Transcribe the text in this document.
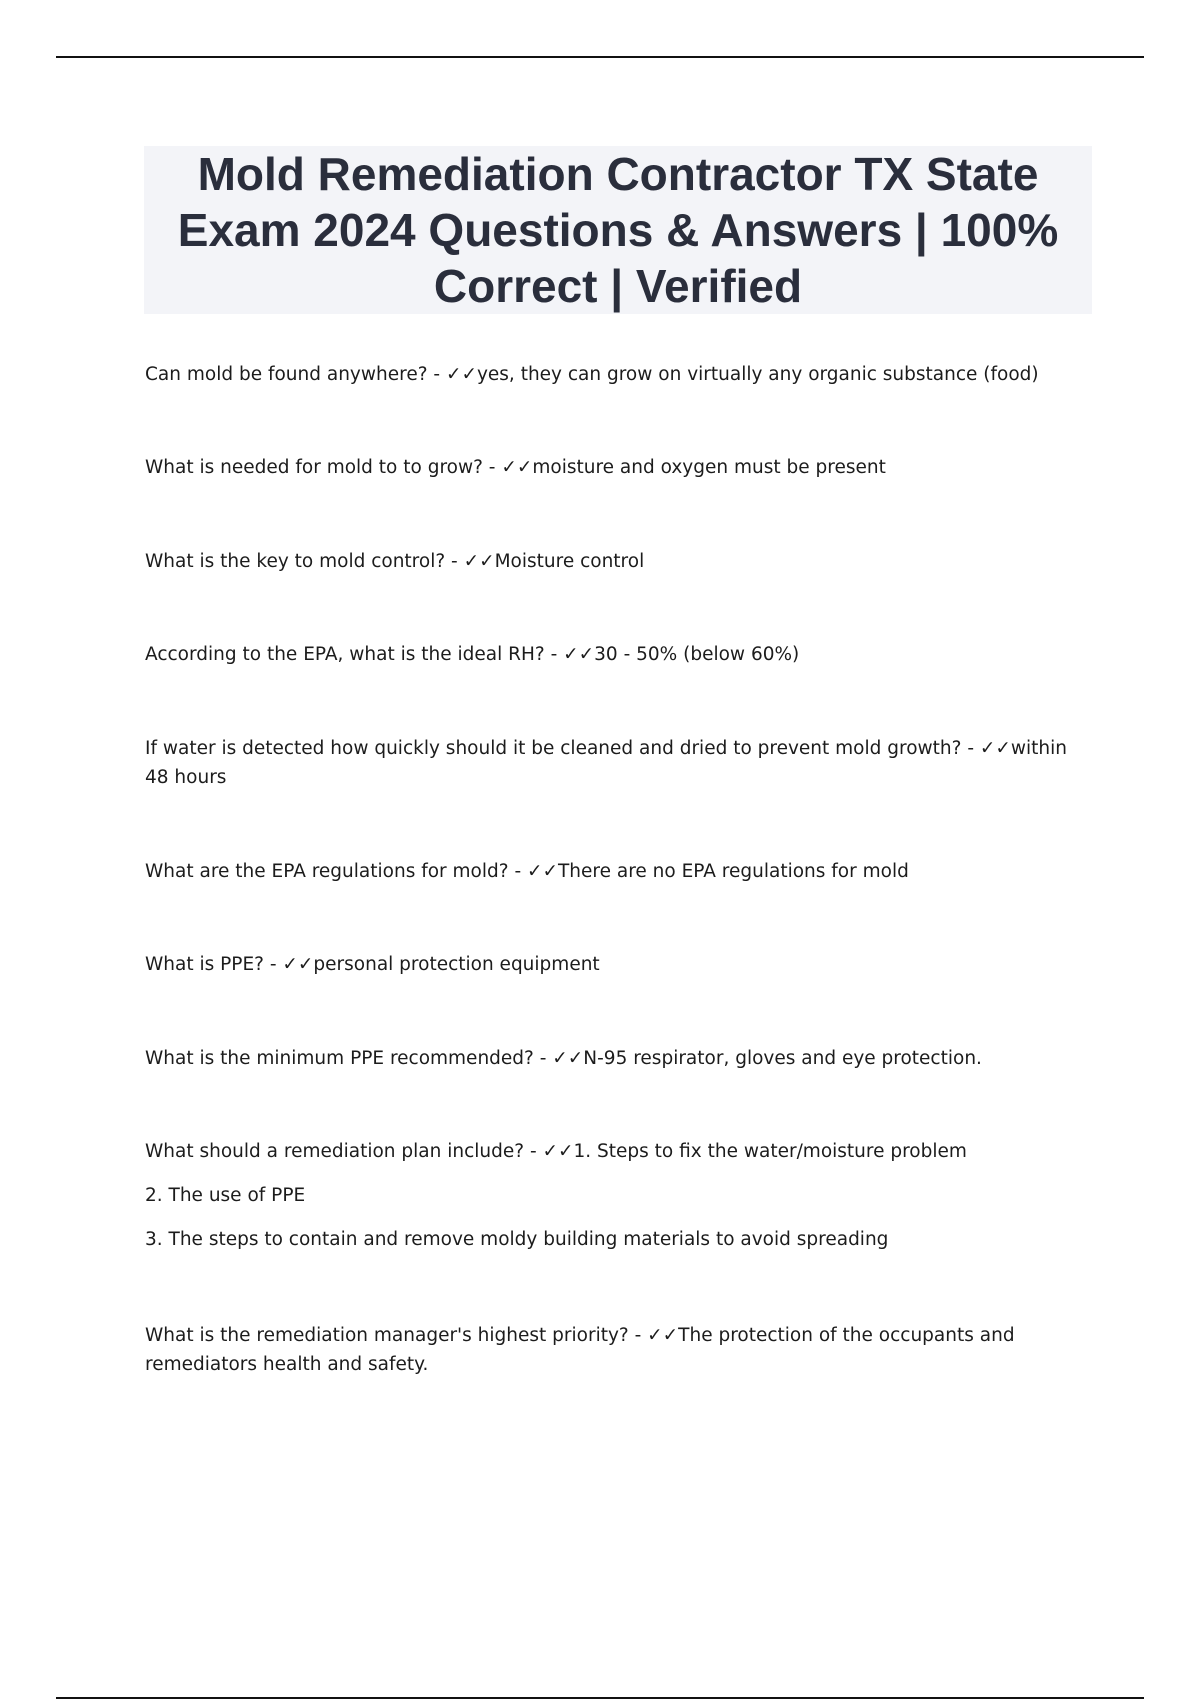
Mold Remediation Contractor TX State Exam 2024 Questions & Answers | 100% Correct | Verified

Can mold be found anywhere? - ✓✓yes, they can grow on virtually any organic substance (food)

What is needed for mold to to grow? - ✓✓moisture and oxygen must be present

What is the key to mold control? - ✓✓Moisture control

According to the EPA, what is the ideal RH? - ✓✓30 - 50% (below 60%)

If water is detected how quickly should it be cleaned and dried to prevent mold growth? - ✓✓within 48 hours

What are the EPA regulations for mold? - ✓✓There are no EPA regulations for mold

What is PPE? - ✓✓personal protection equipment

What is the minimum PPE recommended? - ✓✓N-95 respirator, gloves and eye protection.

What should a remediation plan include? - ✓✓1. Steps to fix the water/moisture problem

2. The use of PPE

3. The steps to contain and remove moldy building materials to avoid spreading

What is the remediation manager's highest priority? - ✓✓The protection of the occupants and remediators health and safety.
